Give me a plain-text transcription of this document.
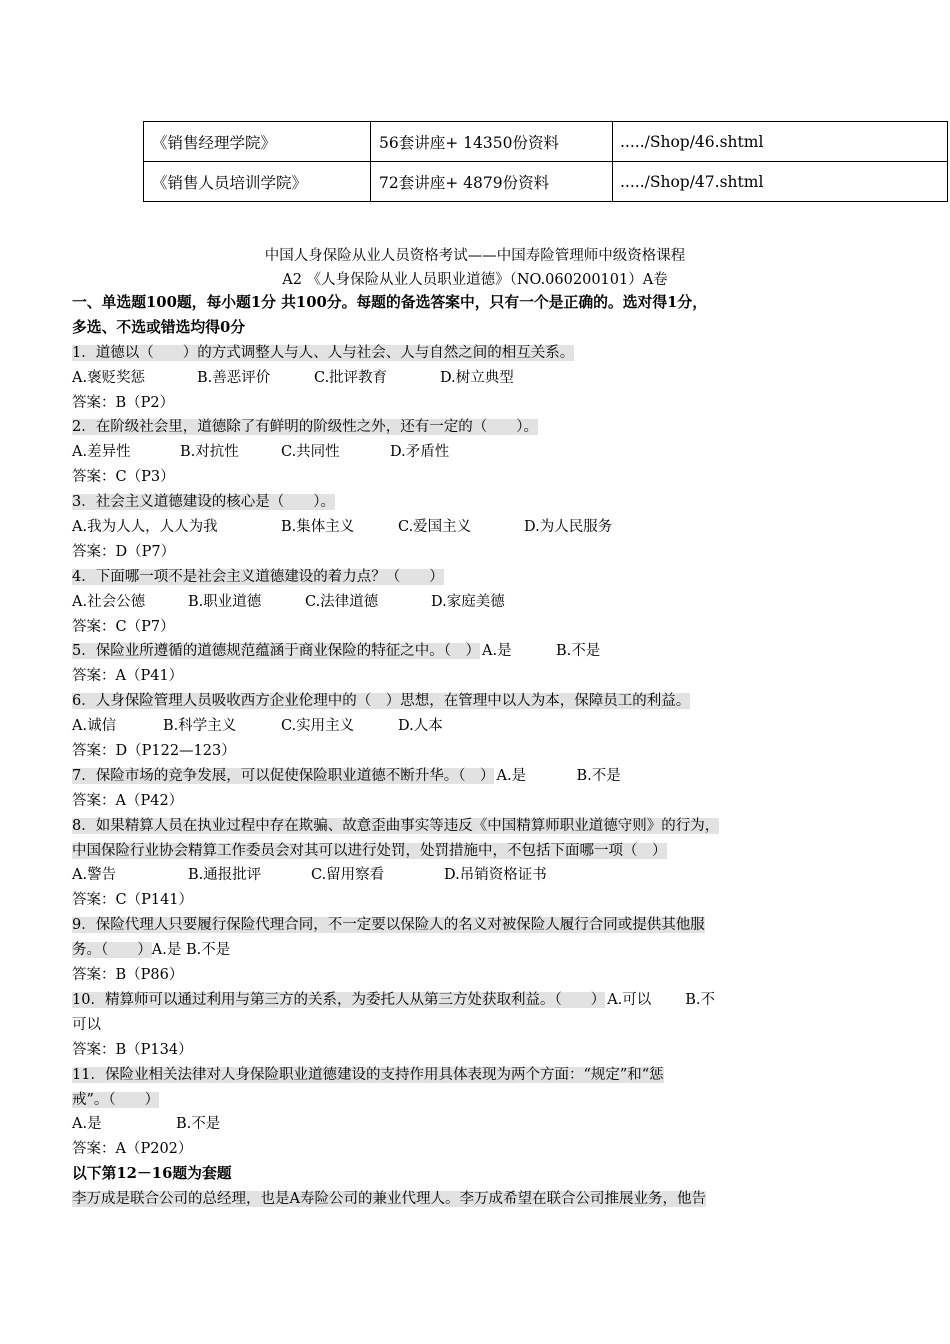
《销售经理学院》	56套讲座+ 14350份资料	...../Shop/46.shtml
《销售人员培训学院》	72套讲座+ 4879份资料	...../Shop/47.shtml
中国人身保险从业人员资格考试——中国寿险管理师中级资格课程
A2 《人身保险从业人员职业道德》（NO.060200101）A卷
一、单选题100题，每小题1分 共100分。每题的备选答案中，只有一个是正确的。选对得1分，
多选、不选或错选均得0分
1．道德以（　　）的方式调整人与人、人与社会、人与自然之间的相互关系。
A.褒贬奖惩	B.善恶评价	C.批评教育	D.树立典型
答案：B（P2）
2．在阶级社会里，道德除了有鲜明的阶级性之外，还有一定的（　　）。
A.差异性	B.对抗性	C.共同性	D.矛盾性
答案：C（P3）
3．社会主义道德建设的核心是（　　）。
A.我为人人，人人为我	B.集体主义	C.爱国主义	D.为人民服务
答案：D（P7）
4．下面哪一项不是社会主义道德建设的着力点？（　　）
A.社会公德	B.职业道德	C.法律道德	D.家庭美德
答案：C（P7）
5．保险业所遵循的道德规范蕴涵于商业保险的特征之中。（　） A.是	B.不是
答案：A（P41）
6．人身保险管理人员吸收西方企业伦理中的（　）思想，在管理中以人为本，保障员工的利益。
A.诚信	B.科学主义	C.实用主义	D.人本
答案：D（P122—123）
7．保险市场的竞争发展，可以促使保险职业道德不断升华。（　） A.是	B.不是
答案：A（P42）
8．如果精算人员在执业过程中存在欺骗、故意歪曲事实等违反《中国精算师职业道德守则》的行为，
中国保险行业协会精算工作委员会对其可以进行处罚，处罚措施中，不包括下面哪一项（　）
A.警告	B.通报批评	C.留用察看	D.吊销资格证书
答案：C（P141）
9．保险代理人只要履行保险代理合同，不一定要以保险人的名义对被保险人履行合同或提供其他服
务。（　　）A.是 B.不是
答案：B（P86）
10．精算师可以通过利用与第三方的关系，为委托人从第三方处获取利益。（　　） A.可以 B.不
可以
答案：B（P134）
11．保险业相关法律对人身保险职业道德建设的支持作用具体表现为两个方面：“规定”和“惩
戒”。（　　）
A.是	B.不是
答案：A（P202）
以下第12－16题为套题
李万成是联合公司的总经理，也是A寿险公司的兼业代理人。李万成希望在联合公司推展业务，他告
